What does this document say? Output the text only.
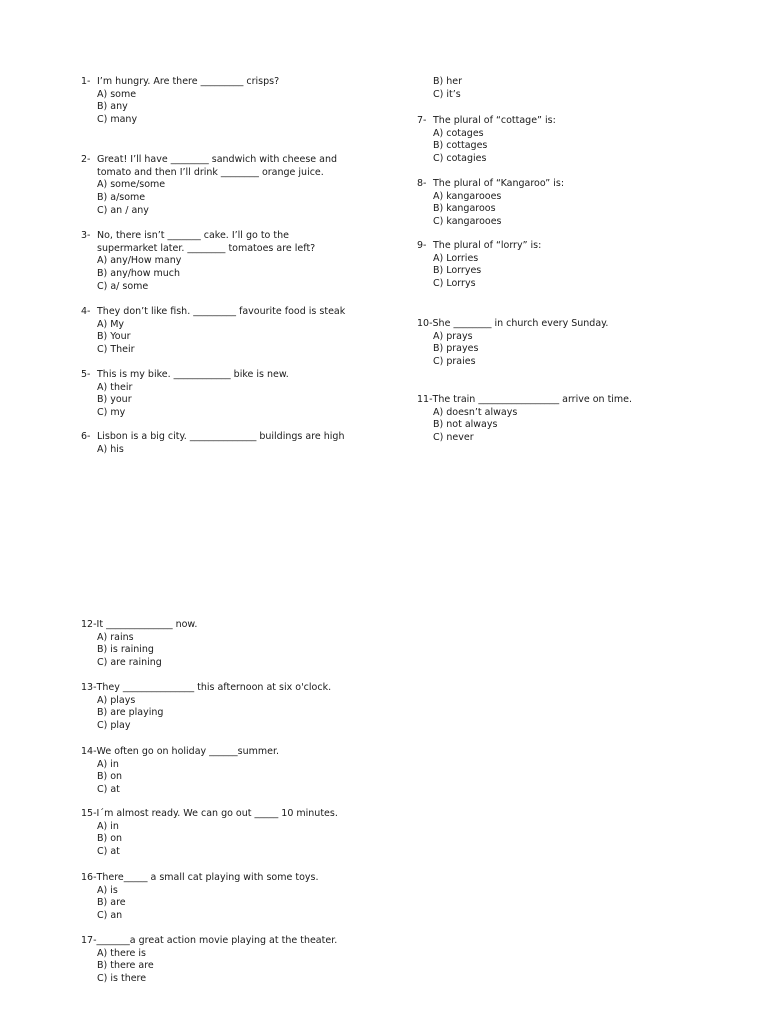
1- I’m hungry. Are there _________ crisps?
A) some
B) any
C) many
2- Great! I’ll have ________ sandwich with cheese and
tomato and then I’ll drink ________ orange juice.
A) some/some
B) a/some
C) an / any
3- No, there isn’t _______ cake. I’ll go to the
supermarket later. ________ tomatoes are left?
A) any/How many
B) any/how much
C) a/ some
4- They don’t like fish. _________ favourite food is steak
A) My
B) Your
C) Their
5- This is my bike. ____________ bike is new.
A) their
B) your
C) my
6- Lisbon is a big city. ______________ buildings are high
A) his
B) her
C) it’s
7- The plural of “cottage” is:
A) cotages
B) cottages
C) cotagies
8- The plural of “Kangaroo” is:
A) kangarooes
B) kangaroos
C) kangarooes
9- The plural of “lorry” is:
A) Lorries
B) Lorryes
C) Lorrys
10-She ________ in church every Sunday.
A) prays
B) prayes
C) praies
11-The train _________________ arrive on time.
A) doesn’t always
B) not always
C) never
12-It ______________ now.
A) rains
B) is raining
C) are raining
13-They _______________ this afternoon at six o'clock.
A) plays
B) are playing
C) play
14-We often go on holiday ______summer.
A) in
B) on
C) at
15-I´m almost ready. We can go out _____ 10 minutes.
A) in
B) on
C) at
16-There_____ a small cat playing with some toys.
A) is
B) are
C) an
17-_______a great action movie playing at the theater.
A) there is
B) there are
C) is there
